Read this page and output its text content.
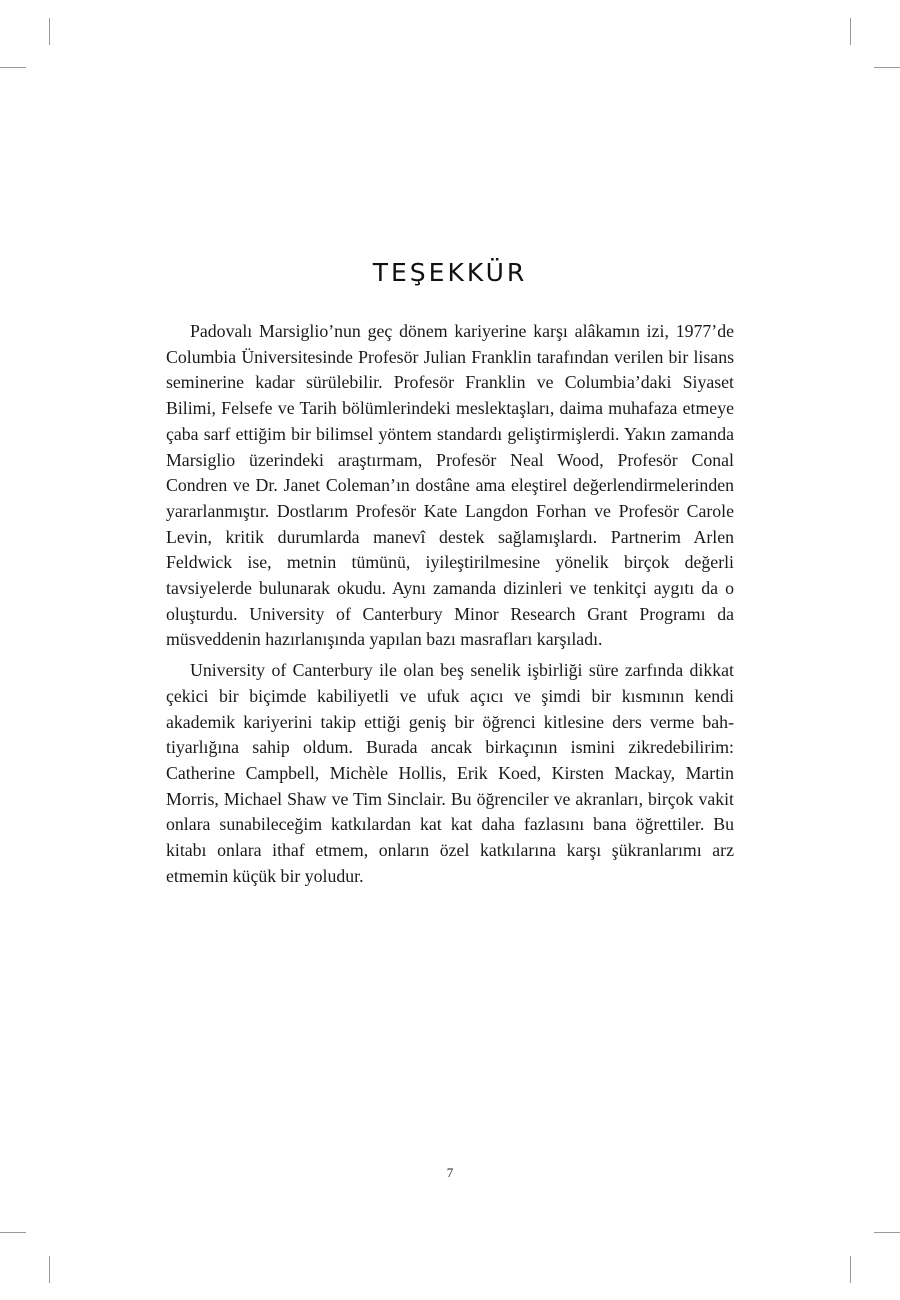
TEŞEKKÜR

Padovalı Marsiglio’nun geç dönem kariyerine karşı alâkamın izi, 1977’de Columbia Üniversitesinde Profesör Julian Franklin tarafından verilen bir lisans seminerine kadar sürülebilir. Profesör Franklin ve Columbia’daki Siyaset Bilimi, Felsefe ve Tarih bölümlerindeki meslektaşları, daima muhafaza etmeye çaba sarf ettiğim bir bilimsel yöntem standardı geliştirmişlerdi. Yakın zamanda Marsiglio üzerindeki araştırmam, Profesör Neal Wood, Profesör Conal Condren ve Dr. Janet Coleman’ın dostâne ama eleştirel değerlendirmelerinden yararlanmıştır. Dostlarım Profesör Kate Langdon Forhan ve Profesör Carole Levin, kritik durumlarda manevî destek sağlamışlardı. Partnerim Arlen Feldwick ise, metnin tümünü, iyileştirilmesine yönelik birçok değerli tavsiyelerde bulunarak okudu. Aynı zamanda dizinleri ve tenkitçi aygıtı da o oluşturdu. University of Canterbury Minor Research Grant Programı da müsveddenin hazırlanışında yapılan bazı masrafları karşıladı.

University of Canterbury ile olan beş senelik işbirliği süre zarfında dikkat çekici bir biçimde kabiliyetli ve ufuk açıcı ve şimdi bir kısmının kendi akademik kariyerini takip ettiği geniş bir öğrenci kitlesine ders verme bahtiyarlığına sahip oldum. Burada ancak birkaçının ismini zikredebilirim: Catherine Campbell, Michèle Hollis, Erik Koed, Kirsten Mackay, Martin Morris, Michael Shaw ve Tim Sinclair. Bu öğrenciler ve akranları, birçok vakit onlara sunabileceğim katkılardan kat kat daha fazlasını bana öğrettiler. Bu kitabı onlara ithaf etmem, onların özel katkılarına karşı şükranlarımı arz etmemin küçük bir yoludur.

7
